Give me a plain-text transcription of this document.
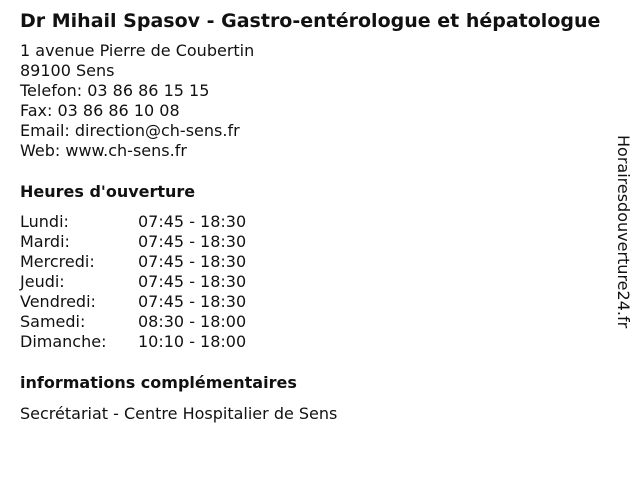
Dr Mihail Spasov - Gastro-entérologue et hépatologue
1 avenue Pierre de Coubertin
89100 Sens
Telefon: 03 86 86 15 15
Fax: 03 86 86 10 08
Email: direction@ch-sens.fr
Web: www.ch-sens.fr
Heures d'ouverture
Lundi:	07:45 - 18:30
Mardi:	07:45 - 18:30
Mercredi:	07:45 - 18:30
Jeudi:	07:45 - 18:30
Vendredi:	07:45 - 18:30
Samedi:	08:30 - 18:00
Dimanche:	10:10 - 18:00
informations complémentaires
Secrétariat - Centre Hospitalier de Sens
Horairesdouverture24.fr
